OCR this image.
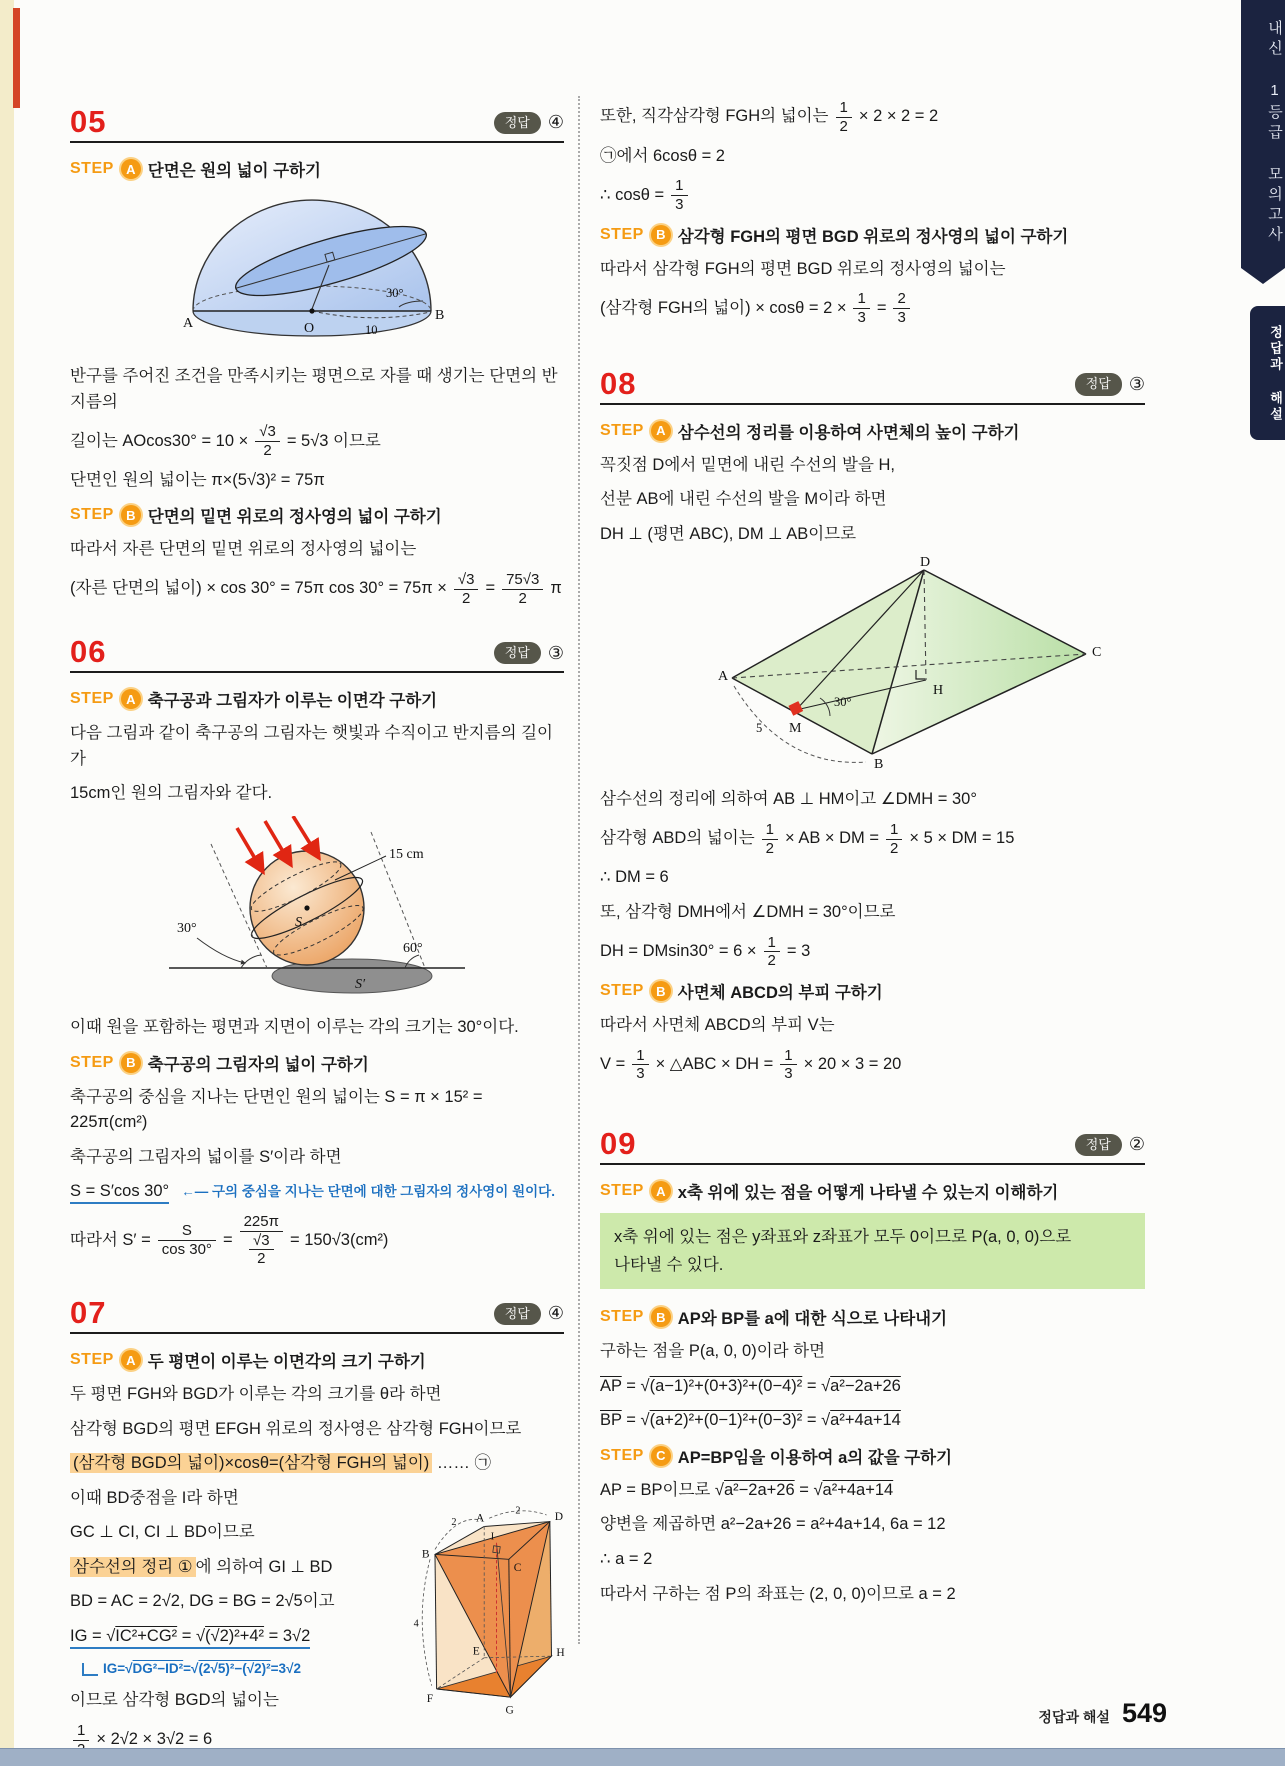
내신 1등급 모의고사
정답과 해설
05	정답	④
STEP A 단면은 원의 넓이 구하기
A
B
O	10
30°

반구를 주어진 조건을 만족시키는 평면으로 자를 때 생기는 단면의 반지름의

길이는 $AOcos30^\circ = 10 \times \frac{√3}{2} = 5√3$ 이므로

단면인 원의 넓이는 π×(5√3)² = 75π

STEP B 단면의 밑면 위로의 정사영의 넓이 구하기

따라서 자른 단면의 밑면 위로의 정사영의 넓이는

(자른 단면의 넓이) × cos 30° = 75π $\cos 30^\circ = 75\pi \times \frac{√3}{2} = \frac{75√3}{2}$ π

06	정답	③
STEP A 축구공과 그림자가 이루는 이면각 구하기

다음 그림과 같이 축구공의 그림자는 햇빛과 수직이고 반지름의 길이가

15cm인 원의 그림자와 같다.

15 cm
30°
60°
S
S′

이때 원을 포함하는 평면과 지면이 이루는 각의 크기는 30°이다.

STEP B 축구공의 그림자의 넓이 구하기

축구공의 중심을 지나는 단면인 원의 넓이는 S = π × 15² = 225π(cm²)

축구공의 그림자의 넓이를 S′이라 하면

S = S′cos 30°   ←— 구의 중심을 지나는 단면에 대한 그림자의 정사영이 원이다.

따라서 $S' = \frac{S}{\cos 30^\circ} = \frac{225\pi}{\frac{√3}{2}} = 150√3(cm^2)$

07	정답	④
STEP A 두 평면이 이루는 이면각의 크기 구하기

두 평면 FGH와 BGD가 이루는 각의 크기를 θ라 하면

삼각형 BGD의 평면 EFGH 위로의 정사영은 삼각형 FGH이므로

(삼각형 BGD의 넓이)×cosθ=(삼각형 FGH의 넓이) …… ㉠

이때 BD중점을 I라 하면

GC ⊥ CI, CI ⊥ BD이므로

삼수선의 정리 ① 에 의하여 GI ⊥ BD

BD = AC = 2√2, DG = BG = 2√5이고

IG = √IC²+CG² = √(√2)²+4² = 3√2

IG=√DG²−ID²=√(2√5)²−(√2)²=3√2

이므로 삼각형 BGD의 넓이는

1 × 2√2 × 3√2 = 6

2
2
4
A	D
B
C
I
E
F
G
H

또한, 직각삼각형 FGH의 넓이는 $\frac{1}{2} \times 2 \times 2 = 2$

㉠에서 6cosθ = 2

∴ $\cos\theta = \frac{1}{3}$

STEP B 삼각형 FGH의 평면 BGD 위로의 정사영의 넓이 구하기

따라서 삼각형 FGH의 평면 BGD 위로의 정사영의 넓이는

(삼각형 FGH의 넓이) × $\cos\theta = 2 \times \frac{1}{3} = \frac{2}{3}$

08	정답	③
STEP A 삼수선의 정리를 이용하여 사면체의 높이 구하기

꼭짓점 D에서 밑면에 내린 수선의 발을 H,

선분 AB에 내린 수선의 발을 M이라 하면

DH ⊥ (평면 ABC), DM ⊥ AB이므로

A
B
C
D
H
M
30°
5

삼수선의 정리에 의하여 AB ⊥ HM이고 ∠DMH = 30°

삼각형 ABD의 넓이는 $\frac{1}{2}$ × AB × DM = $\frac{1}{2} \times 5$ × DM = 15

∴ DM = 6

또, 삼각형 DMH에서 ∠DMH = 30°이므로

DH = $DMsin30^\circ = 6 \times \frac{1}{2} = 3$

STEP B 사면체 ABCD의 부피 구하기

따라서 사면체 ABCD의 부피 V는

$V = \frac{1}{3}$ × △ABC × DH = $\frac{1}{3} \times 20 \times 3 = 20$

09	정답	②
STEP A x축 위에 있는 점을 어떻게 나타낼 수 있는지 이해하기
x축 위에 있는 점은 y좌표와 z좌표가 모두 0이므로 P(a, 0, 0)으로
나타낼 수 있다.
STEP B AP와 BP를 a에 대한 식으로 나타내기

구하는 점을 P(a, 0, 0)이라 하면

$\overline{AP} = √(a-1)^2+(0+3)^2+(0-4)^2 = √a^2-2a+26$

$\overline{BP} = √(a+2)^2+(0-1)^2+(0-3)^2 = √a^2+4a+14$

STEP C AP=BP임을 이용하여 a의 값을 구하기

AP = BP이므로 √a²−2a+26 = √a²+4a+14

양변을 제곱하면 a²−2a+26 = a²+4a+14, 6a = 12

∴ a = 2

따라서 구하는 점 P의 좌표는 (2, 0, 0)이므로 a = 2

정답과 해설 549
